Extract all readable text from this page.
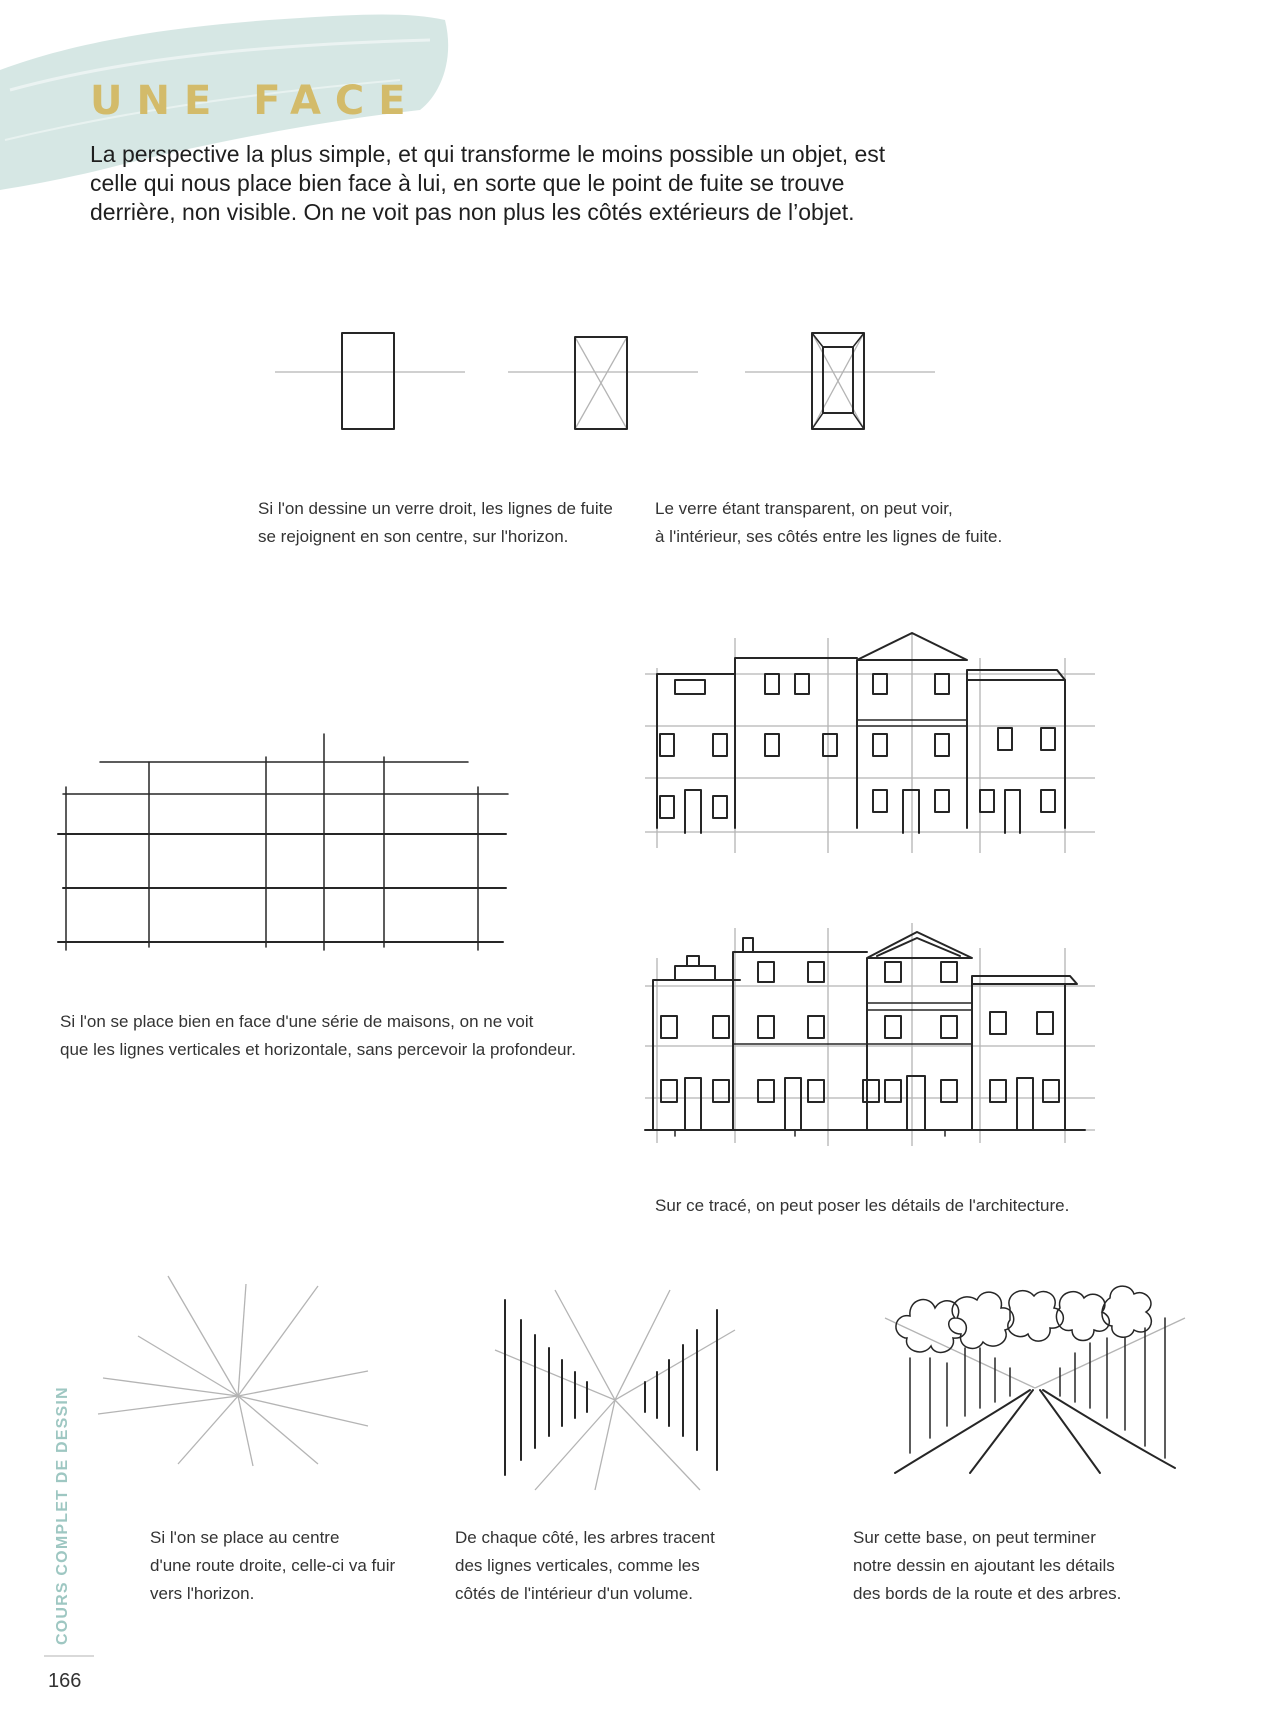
UNE FACE

La perspective la plus simple, et qui transforme le moins possible un objet, est celle qui nous place bien face à lui, en sorte que le point de fuite se trouve derrière, non visible. On ne voit pas non plus les côtés extérieurs de l’objet.

Si l'on dessine un verre droit, les lignes de fuite
se rejoignent en son centre, sur l'horizon.

Le verre étant transparent, on peut voir,
à l'intérieur, ses côtés entre les lignes de fuite.

Si l'on se place bien en face d'une série de maisons, on ne voit
que les lignes verticales et horizontale, sans percevoir la profondeur.

Sur ce tracé, on peut poser les détails de l'architecture.

Si l'on se place au centre
d'une route droite, celle-ci va fuir
vers l'horizon.

De chaque côté, les arbres tracent
des lignes verticales, comme les
côtés de l'intérieur d'un volume.

Sur cette base, on peut terminer
notre dessin en ajoutant les détails
des bords de la route et des arbres.

COURS COMPLET DE DESSIN
166
